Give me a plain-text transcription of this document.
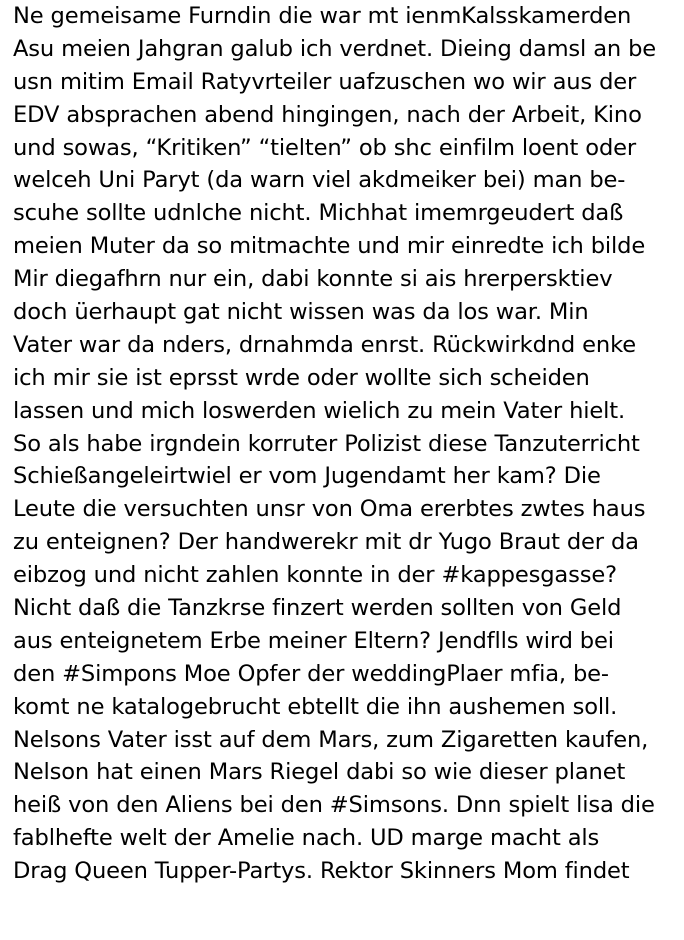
Ne gemeisame Furndin die war mt ienmKalsskamerden
Asu meien Jahgran galub ich verdnet. Dieing damsl an be
usn mitim Email Ratyvrteiler uafzuschen wo wir aus der
EDV absprachen abend hingingen, nach der Arbeit, Kino
und sowas, “Kritiken” “tielten” ob shc einfilm loent oder
welceh Uni Paryt (da warn viel akdmeiker bei) man be-
scuhe sollte udnlche nicht. Michhat imemrgeudert daß
meien Muter da so mitmachte und mir einredte ich bilde
Mir diegafhrn nur ein, dabi konnte si ais hrerpersktiev
doch üerhaupt gat nicht wissen was da los war. Min
Vater war da nders, drnahmda enrst. Rückwirkdnd enke
ich mir sie ist eprsst wrde oder wollte sich scheiden
lassen und mich loswerden wielich zu mein Vater hielt.
So als habe irgndein korruter Polizist diese Tanzuterricht
Schießangeleirtwiel er vom Jugendamt her kam? Die
Leute die versuchten unsr von Oma ererbtes zwtes haus
zu enteignen? Der handwerekr mit dr Yugo Braut der da
eibzog und nicht zahlen konnte in der #kappesgasse?
Nicht daß die Tanzkrse finzert werden sollten von Geld
aus enteignetem Erbe meiner Eltern? Jendflls wird bei
den #Simpons Moe Opfer der weddingPlaer mfia, be-
komt ne katalogebrucht ebtellt die ihn aushemen soll.
Nelsons Vater isst auf dem Mars, zum Zigaretten kaufen,
Nelson hat einen Mars Riegel dabi so wie dieser planet
heiß von den Aliens bei den #Simsons. Dnn spielt lisa die
fablhefte welt der Amelie nach. UD marge macht als
Drag Queen Tupper-Partys. Rektor Skinners Mom findet
